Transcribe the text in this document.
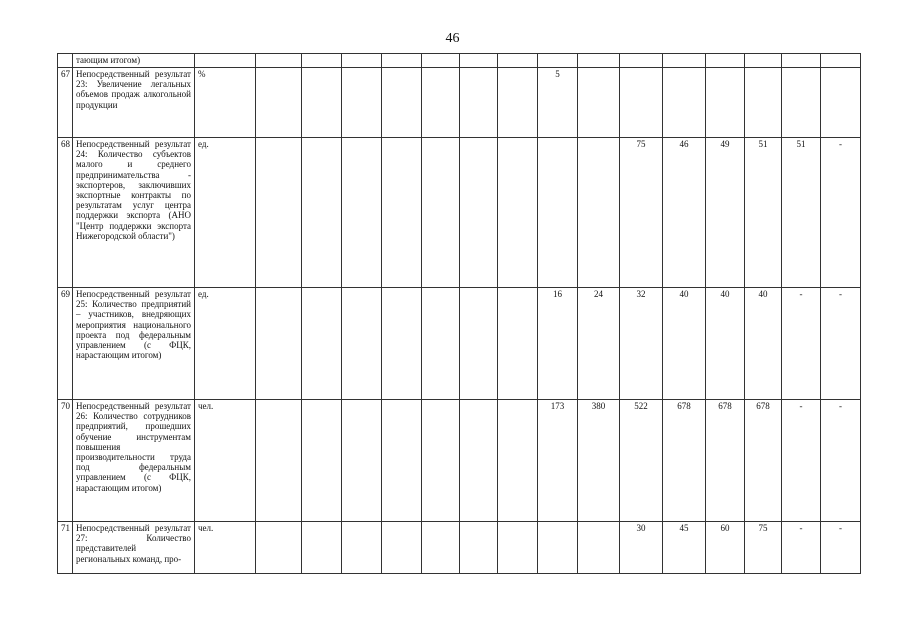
46
	тающим итогом)																
67	Непосредственный результат 23: Увеличение легальных объемов продаж алкогольной продукции	%								5							
68	Непосредственный результат 24: Количество субъектов малого и среднего предпринимательства - экспортеров, заключивших экспортные контракты по результатам услуг центра поддержки экспорта (АНО "Центр поддержки экспорта Нижегородской области")	ед.										75	46	49	51	51	-
69	Непосредственный результат 25: Количество предприятий – участников, внедряющих мероприятия национального проекта под федеральным управлением (с ФЦК, нарастающим итогом)	ед.								16	24	32	40	40	40	-	-
70	Непосредственный результат 26: Количество сотрудников предприятий, прошедших обучение инструментам повышения производительности труда под федеральным управлением (с ФЦК, нарастающим итогом)	чел.								173	380	522	678	678	678	-	-
71	Непосредственный результат 27: Количество представителей региональных команд, про-	чел.										30	45	60	75	-	-
